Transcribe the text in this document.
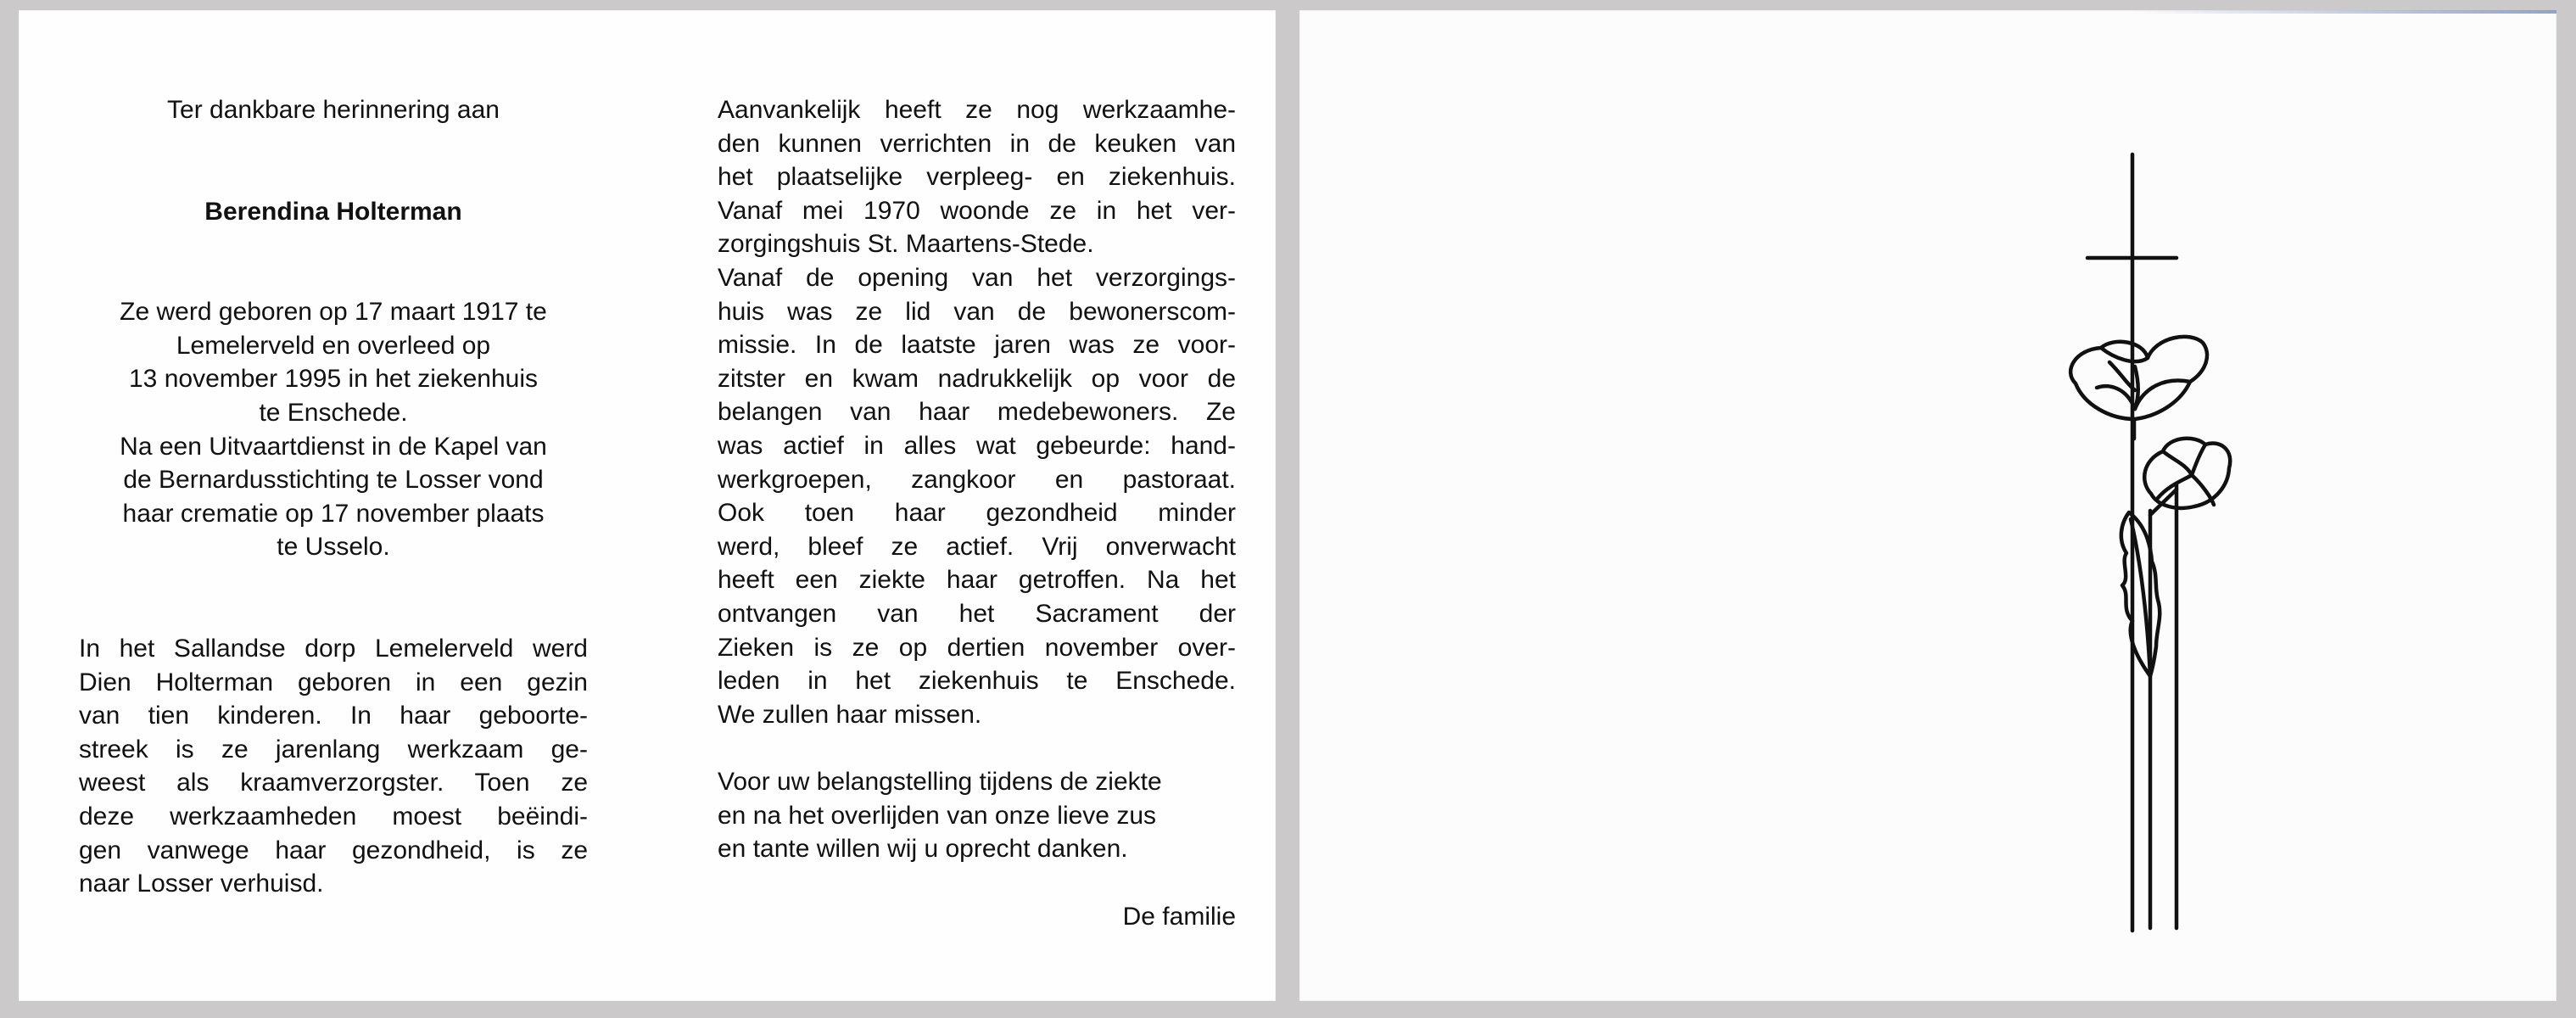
Ter dankbare herinnering aan
Berendina Holterman
Ze werd geboren op 17 maart 1917 te
Lemelerveld en overleed op
13 november 1995 in het ziekenhuis
te Enschede.
Na een Uitvaartdienst in de Kapel van
de Bernardusstichting te Losser vond
haar crematie op 17 november plaats
te Usselo.
In het Sallandse dorp Lemelerveld werd
Dien Holterman geboren in een gezin
van tien kinderen. In haar geboorte-
streek is ze jarenlang werkzaam ge-
weest als kraamverzorgster. Toen ze
deze werkzaamheden moest beëindi-
gen vanwege haar gezondheid, is ze
naar Losser verhuisd.
Aanvankelijk heeft ze nog werkzaamhe-
den kunnen verrichten in de keuken van
het plaatselijke verpleeg- en ziekenhuis.
Vanaf mei 1970 woonde ze in het ver-
zorgingshuis St. Maartens-Stede.
Vanaf de opening van het verzorgings-
huis was ze lid van de bewonerscom-
missie. In de laatste jaren was ze voor-
zitster en kwam nadrukkelijk op voor de
belangen van haar medebewoners. Ze
was actief in alles wat gebeurde: hand-
werkgroepen, zangkoor en pastoraat.
Ook toen haar gezondheid minder
werd, bleef ze actief. Vrij onverwacht
heeft een ziekte haar getroffen. Na het
ontvangen van het Sacrament der
Zieken is ze op dertien november over-
leden in het ziekenhuis te Enschede.
We zullen haar missen.
Voor uw belangstelling tijdens de ziekte
en na het overlijden van onze lieve zus
en tante willen wij u oprecht danken.
De familie
